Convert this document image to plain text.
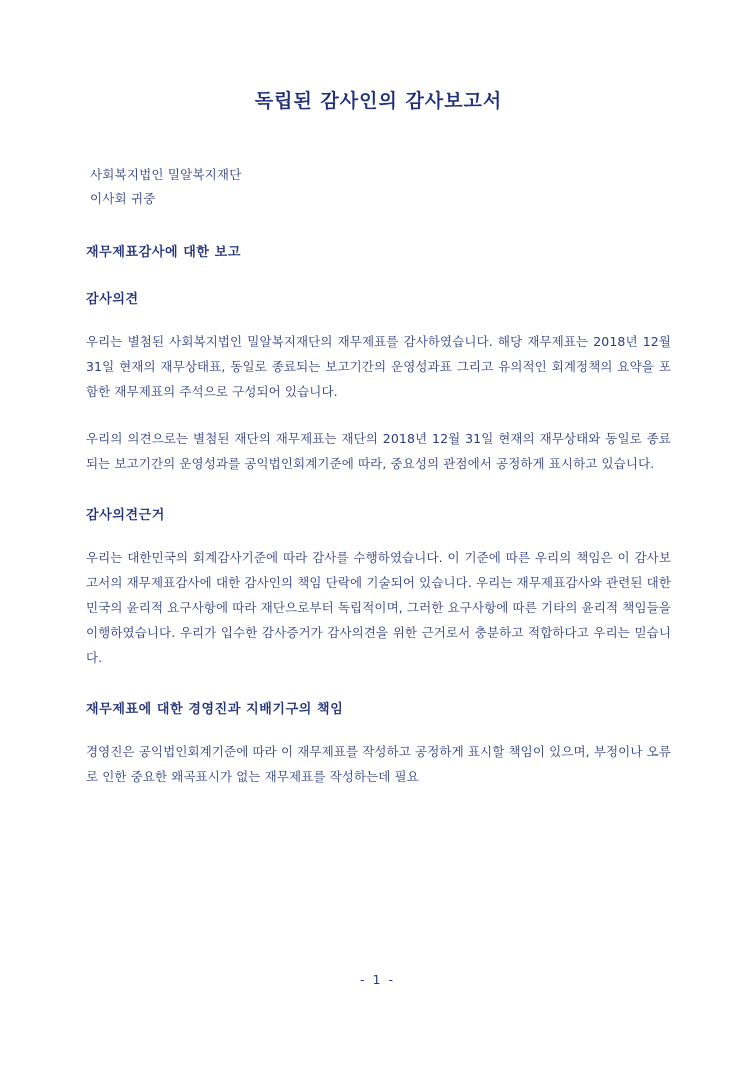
독립된 감사인의 감사보고서
사회복지법인 밀알복지재단
이사회 귀중
재무제표감사에 대한 보고
감사의견
우리는 별첨된 사회복지법인 밀알복지재단의 재무제표를 감사하였습니다. 해당 재무제표는 2018년 12월 31일 현재의 재무상태표, 동일로 종료되는 보고기간의 운영성과표 그리고 유의적인 회계정책의 요약을 포함한 재무제표의 주석으로 구성되어 있습니다.
우리의 의견으로는 별첨된 재단의 재무제표는 재단의 2018년 12월 31일 현재의 재무상태와 동일로 종료되는 보고기간의 운영성과를 공익법인회계기준에 따라, 중요성의 관점에서 공정하게 표시하고 있습니다.
감사의견근거
우리는 대한민국의 회계감사기준에 따라 감사를 수행하였습니다. 이 기준에 따른 우리의 책임은 이 감사보고서의 재무제표감사에 대한 감사인의 책임 단락에 기술되어 있습니다. 우리는 재무제표감사와 관련된 대한민국의 윤리적 요구사항에 따라 재단으로부터 독립적이며, 그러한 요구사항에 따른 기타의 윤리적 책임들을 이행하였습니다. 우리가 입수한 감사증거가 감사의견을 위한 근거로서 충분하고 적합하다고 우리는 믿습니다.
재무제표에 대한 경영진과 지배기구의 책임
경영진은 공익법인회계기준에 따라 이 재무제표를 작성하고 공정하게 표시할 책임이 있으며, 부정이나 오류로 인한 중요한 왜곡표시가 없는 재무제표를 작성하는데 필요
- 1 -
